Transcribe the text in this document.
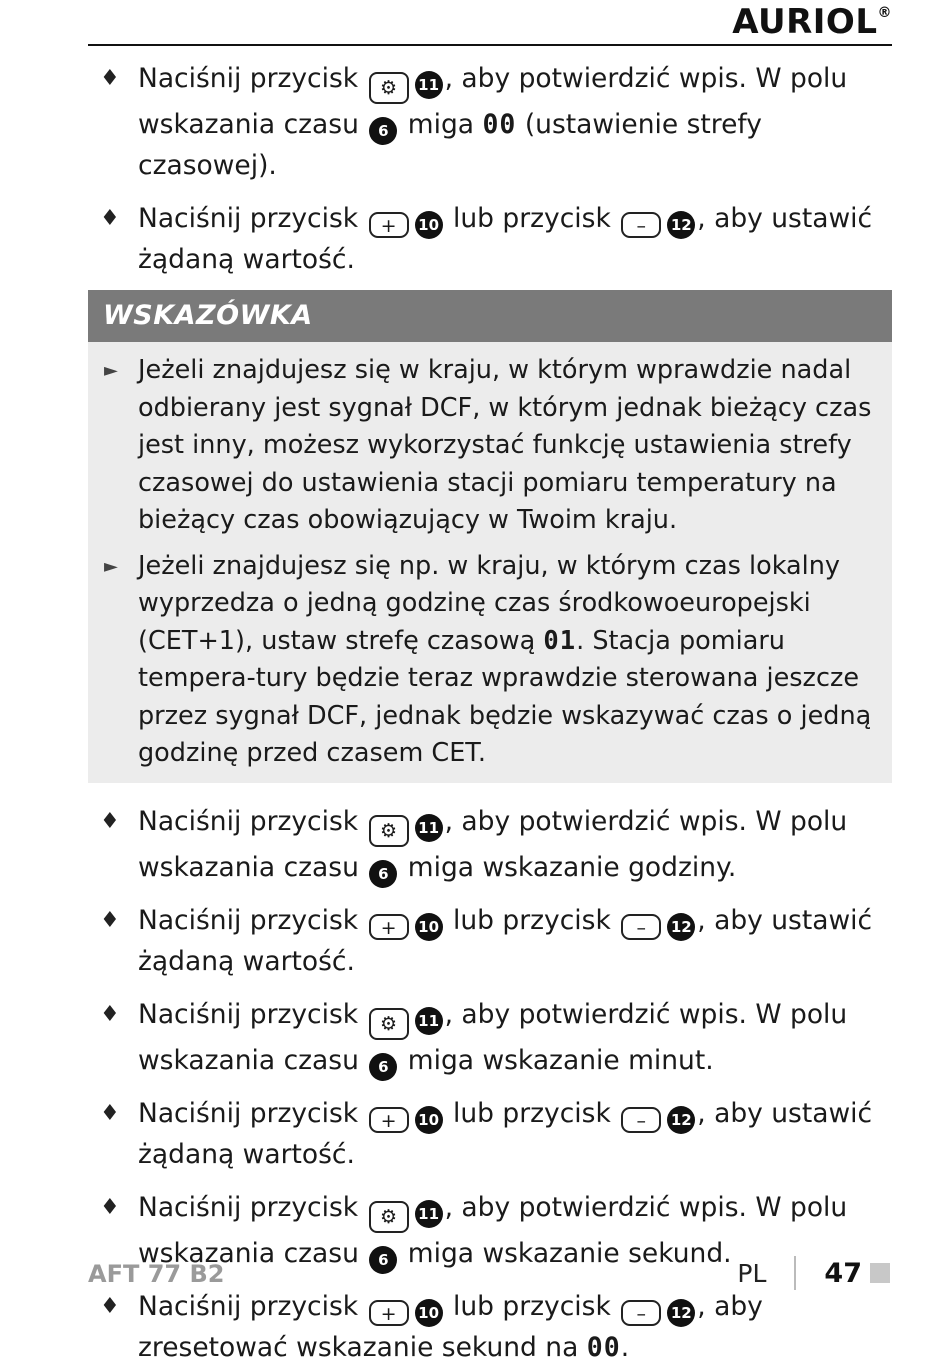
AURIOL®

♦ Naciśnij przycisk ⚙ 11 , aby potwierdzić wpis. W polu wskazania czasu 6 miga 00 (ustawienie strefy czasowej).

♦ Naciśnij przycisk + 10 lub przycisk – 12 , aby ustawić żądaną wartość.

WSKAZÓWKA
► Jeżeli znajdujesz się w kraju, w którym wprawdzie nadal odbierany jest sygnał DCF, w którym jednak bieżący czas jest inny, możesz wykorzystać funkcję ustawienia strefy czasowej do ustawienia stacji pomiaru temperatury na bieżący czas obowiązujący w Twoim kraju.
► Jeżeli znajdujesz się np. w kraju, w którym czas lokalny wyprzedza o jedną godzinę czas środkowoeuropejski (CET+1), ustaw strefę czasową 01. Stacja pomiaru tempera-tury będzie teraz wprawdzie sterowana jeszcze przez sygnał DCF, jednak będzie wskazywać czas o jedną godzinę przed czasem CET.

♦ Naciśnij przycisk ⚙ 11 , aby potwierdzić wpis. W polu wskazania czasu 6 miga wskazanie godziny.

♦ Naciśnij przycisk + 10 lub przycisk – 12 , aby ustawić żądaną wartość.

♦ Naciśnij przycisk ⚙ 11 , aby potwierdzić wpis. W polu wskazania czasu 6 miga wskazanie minut.

♦ Naciśnij przycisk + 10 lub przycisk – 12 , aby ustawić żądaną wartość.

♦ Naciśnij przycisk ⚙ 11 , aby potwierdzić wpis. W polu wskazania czasu 6 miga wskazanie sekund.

♦ Naciśnij przycisk + 10 lub przycisk – 12 , aby zresetować wskazanie sekund na 00.

AFT 77 B2	PL 47
